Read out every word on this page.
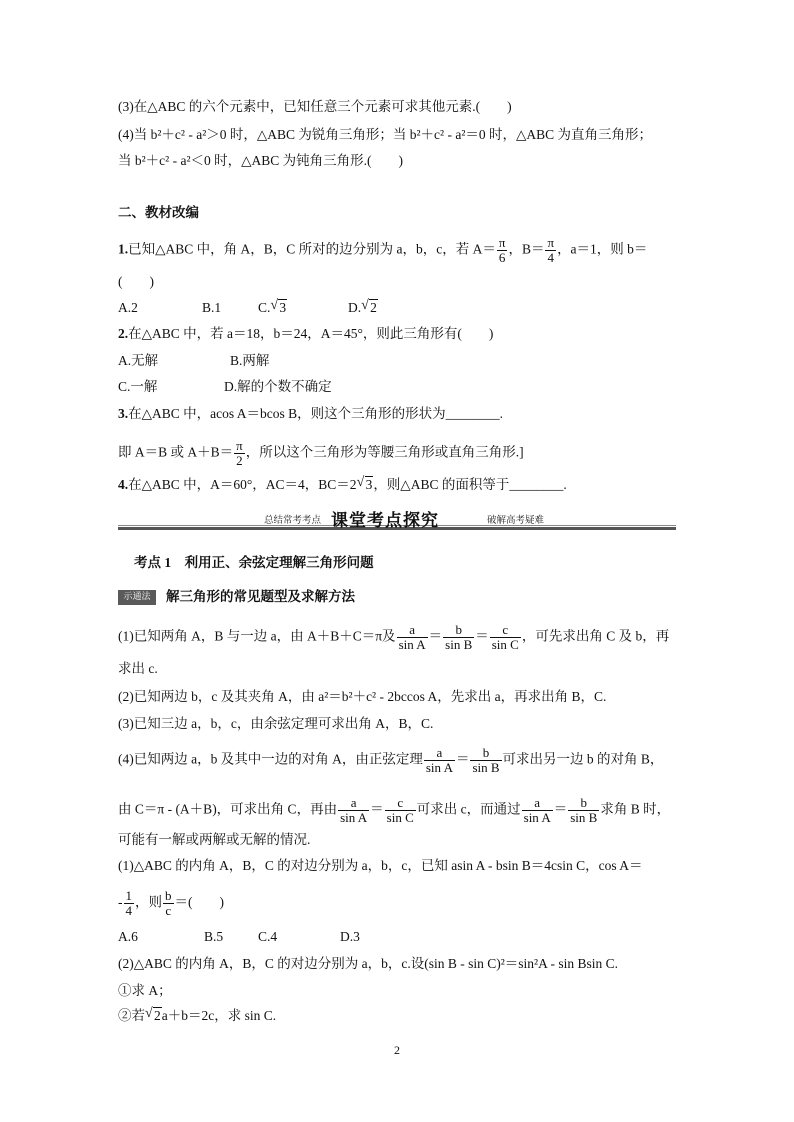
(3)在△ABC 的六个元素中，已知任意三个元素可求其他元素.(　　)
(4)当 b²＋c² - a²＞0 时，△ABC 为锐角三角形；当 b²＋c² - a²＝0 时，△ABC 为直角三角形；
当 b²＋c² - a²＜0 时，△ABC 为钝角三角形.(　　)
二、教材改编
1.已知△ABC 中，角 A，B，C 所对的边分别为 a，b，c，若 $A= \frac{\pi}{6}$ ，$B= \frac{\pi}{4}$ ，a＝1，则 b＝
(　　)
A.2	B.1	C. √ 3	D. √ 2
2.在△ABC 中，若 a＝18，b＝24，A＝45°，则此三角形有(　　)
A.无解	B.两解
C.一解	D.解的个数不确定
3.在△ABC 中，acos A＝bcos B，则这个三角形的形状为________.
即 A＝B 或 $A+B= \frac{\pi}{2}$ ，所以这个三角形为等腰三角形或直角三角形.]
4.在△ABC 中，A＝60°，AC＝4，BC＝2 √ 3，则△ABC 的面积等于________.
总结常考考点 课堂考点探究	破解高考疑难
考点 1　利用正、余弦定理解三角形问题
示通法 解三角形的常见题型及求解方法
(1)已知两角 A，B 与一边 a，由 A＋B＋C＝π及 $\frac{a}{\text{sin A}} = \frac{b}{\text{sin B}} = \frac{c}{\text{sin C}}$ ，可先求出角 C 及 b，再
求出 c.
(2)已知两边 b，c 及其夹角 A，由 a²＝b²＋c² - 2bccos A，先求出 a，再求出角 B，C.
(3)已知三边 a，b，c，由余弦定理可求出角 A，B，C.
(4)已知两边 a，b 及其中一边的对角 A，由正弦定理 $\frac{a}{\text{sin A}} = \frac{b}{\text{sin B}}$ 可求出另一边 b 的对角 B，
由 C＝π - (A＋B)，可求出角 C，再由 $\frac{a}{\text{sin A}} = \frac{c}{\text{sin C}}$ 可求出 c，而通过 $\frac{a}{\text{sin A}} = \frac{b}{\text{sin B}}$ 求角 B 时，
可能有一解或两解或无解的情况.
(1)△ABC 的内角 A，B，C 的对边分别为 a，b，c，已知 asin A - bsin B＝4csin C，cos A＝
- $\frac{1}{4}$ ，则 $\frac{b}{c}$ ＝(　　)
A.6	B.5	C.4	D.3
(2)△ABC 的内角 A，B，C 的对边分别为 a，b，c.设(sin B - sin C)²＝sin²A - sin Bsin C.
①求 A；
②若 √ 2a＋b＝2c，求 sin C.
2
